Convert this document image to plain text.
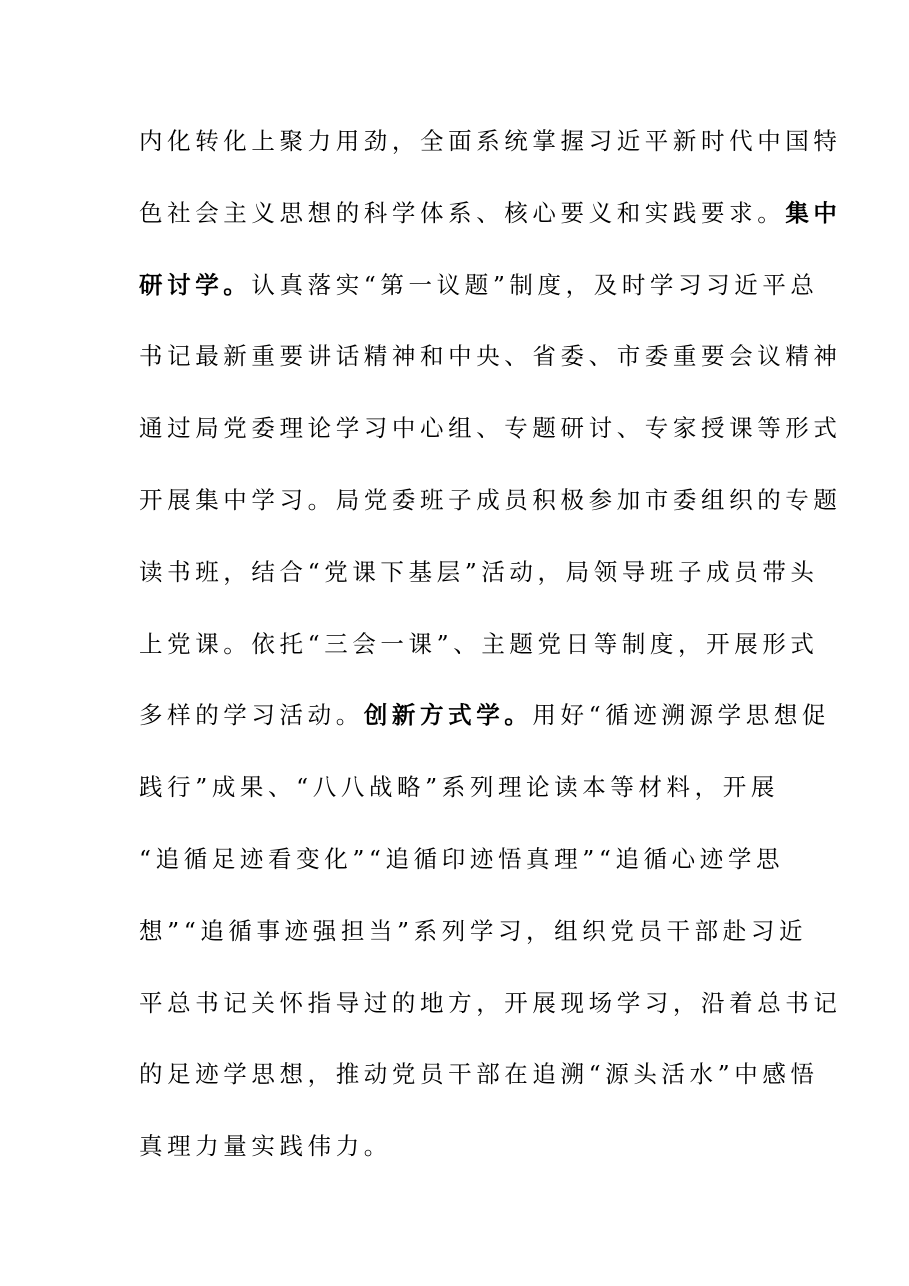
内化转化上聚力用劲，全面系统掌握习近平新时代中国特
色社会主义思想的科学体系、核心要义和实践要求。集中
研讨学。认真落实“第一议题”制度，及时学习习近平总
书记最新重要讲话精神和中央、省委、市委重要会议精神
通过局党委理论学习中心组、专题研讨、专家授课等形式
开展集中学习。局党委班子成员积极参加市委组织的专题
读书班，结合“党课下基层”活动，局领导班子成员带头
上党课。依托“三会一课”、主题党日等制度，开展形式
多样的学习活动。创新方式学。用好“循迹溯源学思想促
践行”成果、“八八战略”系列理论读本等材料，开展
“追循足迹看变化”“追循印迹悟真理”“追循心迹学思
想”“追循事迹强担当”系列学习，组织党员干部赴习近
平总书记关怀指导过的地方，开展现场学习，沿着总书记
的足迹学思想，推动党员干部在追溯“源头活水”中感悟
真理力量实践伟力。
